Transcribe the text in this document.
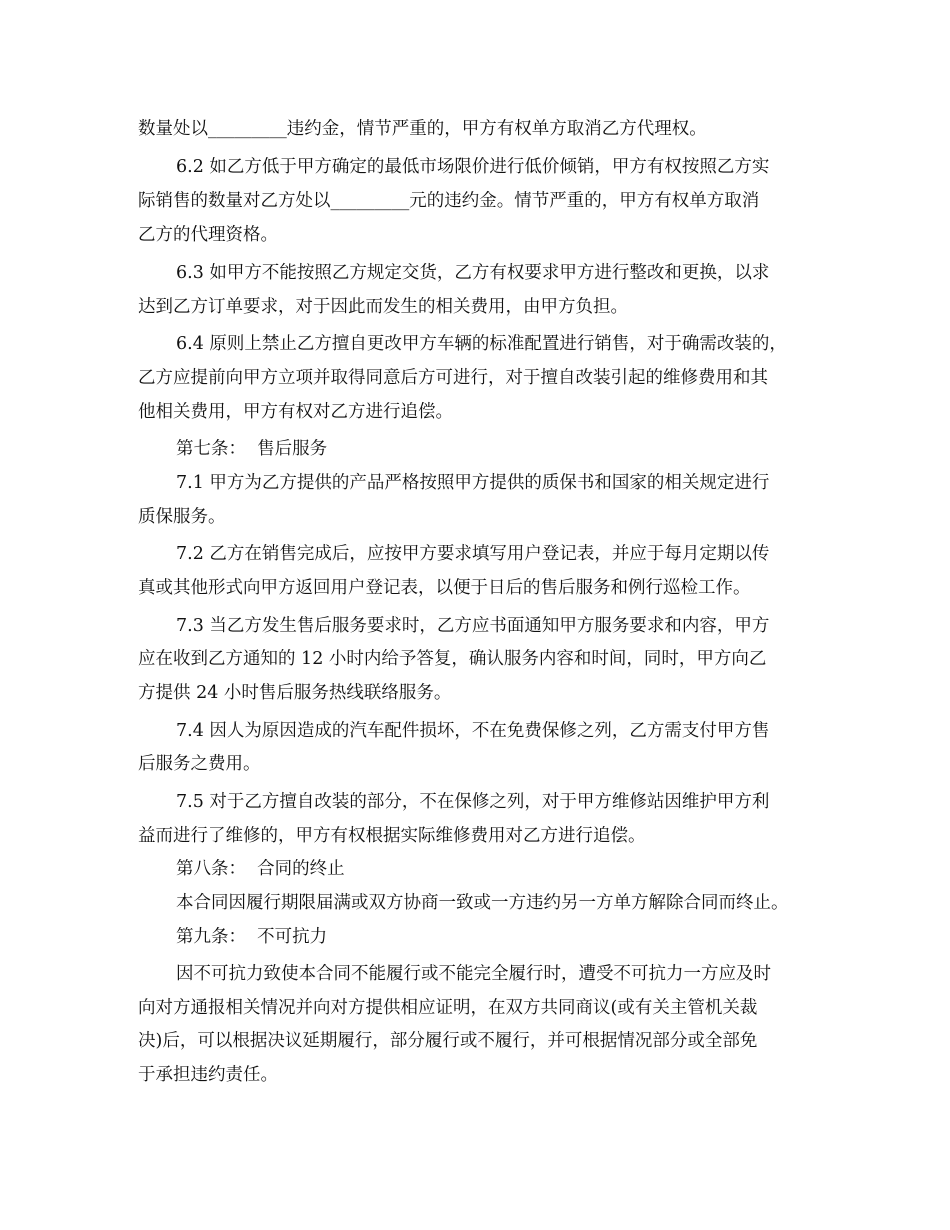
数量处以_________违约金，情节严重的，甲方有权单方取消乙方代理权。
6.2 如乙方低于甲方确定的最低市场限价进行低价倾销，甲方有权按照乙方实
际销售的数量对乙方处以_________元的违约金。情节严重的，甲方有权单方取消
乙方的代理资格。
6.3 如甲方不能按照乙方规定交货，乙方有权要求甲方进行整改和更换，以求
达到乙方订单要求，对于因此而发生的相关费用，由甲方负担。
6.4 原则上禁止乙方擅自更改甲方车辆的标准配置进行销售，对于确需改装的，
乙方应提前向甲方立项并取得同意后方可进行，对于擅自改装引起的维修费用和其
他相关费用，甲方有权对乙方进行追偿。
第七条：  售后服务
7.1 甲方为乙方提供的产品严格按照甲方提供的质保书和国家的相关规定进行
质保服务。
7.2 乙方在销售完成后，应按甲方要求填写用户登记表，并应于每月定期以传
真或其他形式向甲方返回用户登记表，以便于日后的售后服务和例行巡检工作。
7.3 当乙方发生售后服务要求时，乙方应书面通知甲方服务要求和内容，甲方
应在收到乙方通知的 12 小时内给予答复，确认服务内容和时间，同时，甲方向乙
方提供 24 小时售后服务热线联络服务。
7.4 因人为原因造成的汽车配件损坏，不在免费保修之列，乙方需支付甲方售
后服务之费用。
7.5 对于乙方擅自改装的部分，不在保修之列，对于甲方维修站因维护甲方利
益而进行了维修的，甲方有权根据实际维修费用对乙方进行追偿。
第八条：  合同的终止
本合同因履行期限届满或双方协商一致或一方违约另一方单方解除合同而终止。
第九条：  不可抗力
因不可抗力致使本合同不能履行或不能完全履行时，遭受不可抗力一方应及时
向对方通报相关情况并向对方提供相应证明，在双方共同商议(或有关主管机关裁
决)后，可以根据决议延期履行，部分履行或不履行，并可根据情况部分或全部免
于承担违约责任。
